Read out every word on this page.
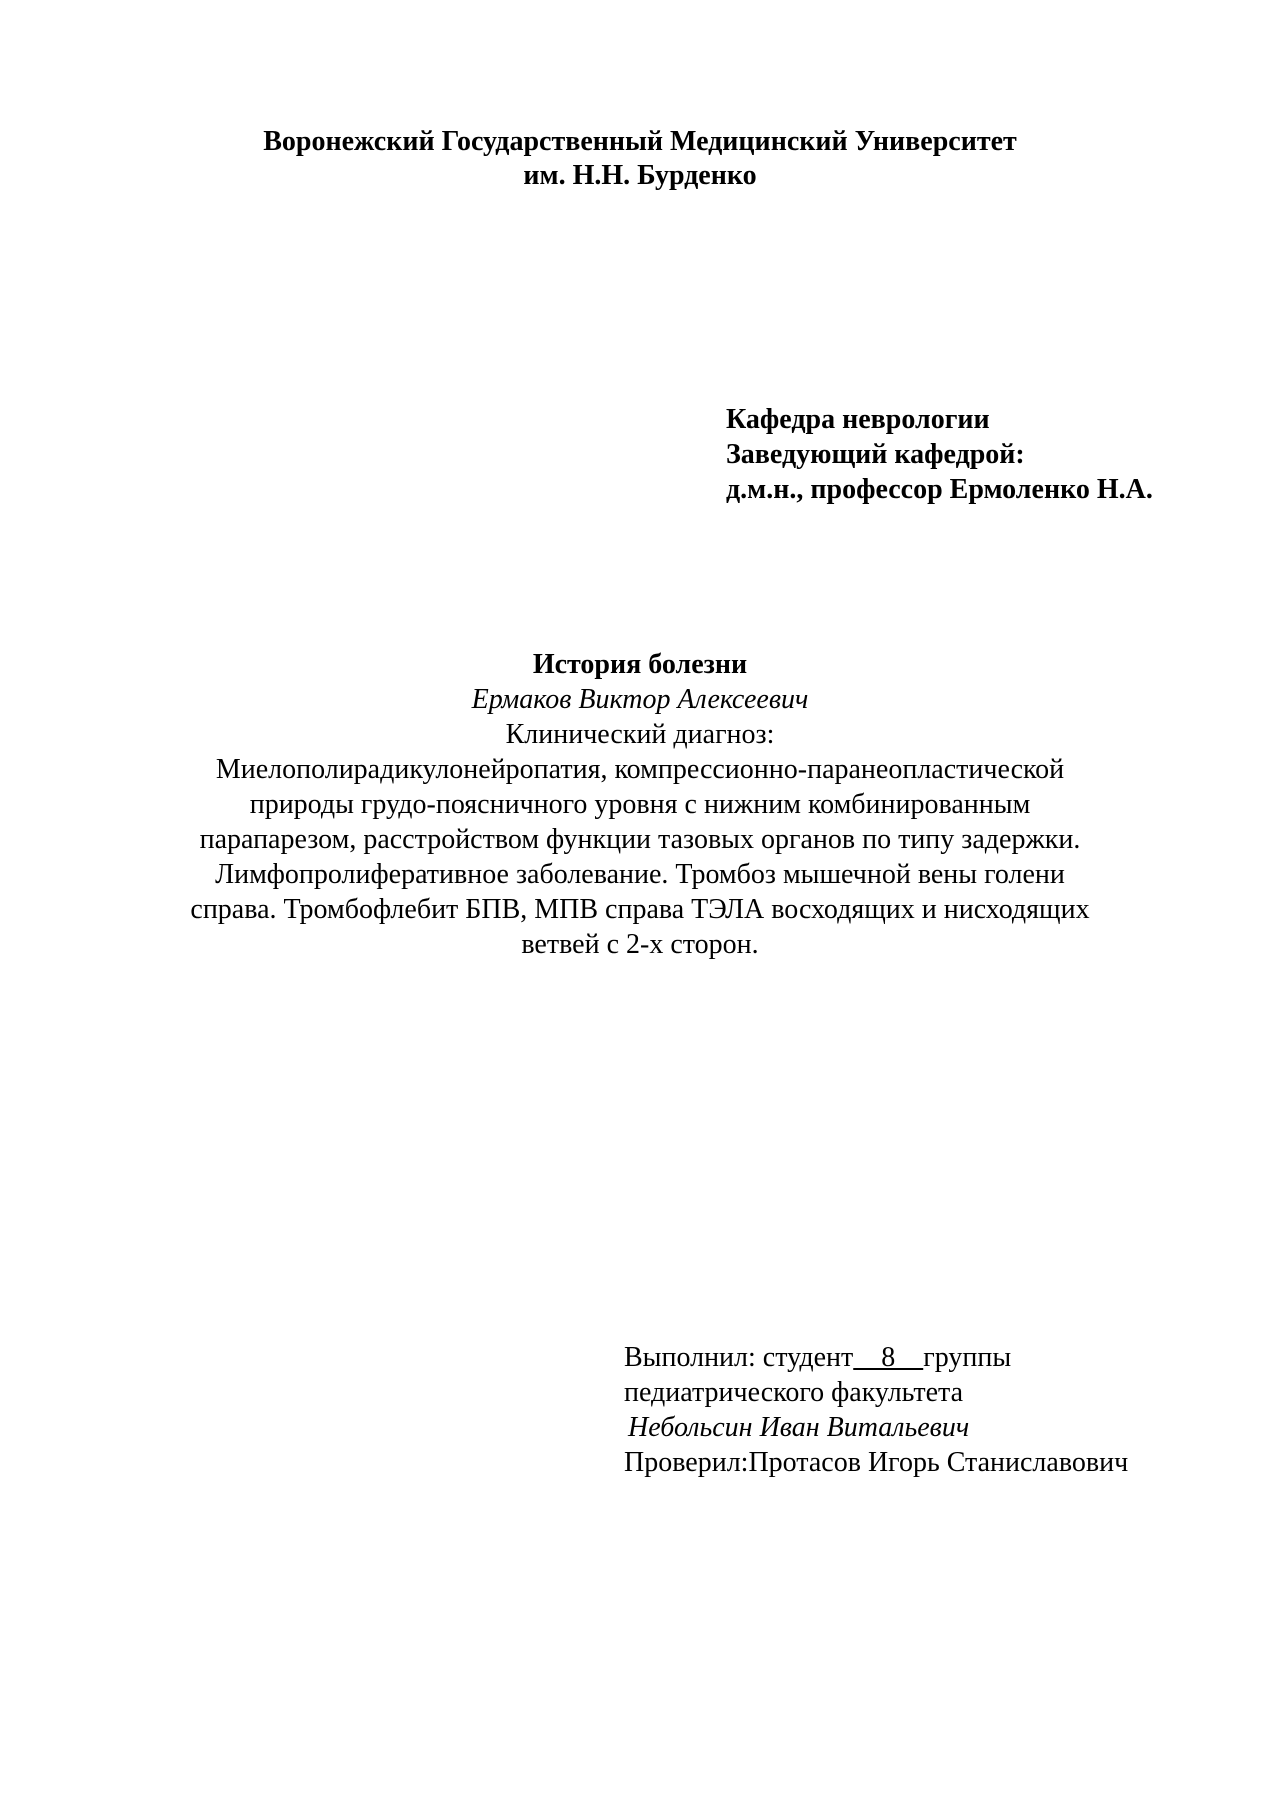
Воронежский Государственный Медицинский Университет
им. Н.Н. Бурденко
Кафедра неврологии
Заведующий кафедрой:
д.м.н., профессор Ермоленко Н.А.
История болезни
Ермаков Виктор Алексеевич
Клинический диагноз:
Миелополирадикулонейропатия, компрессионно-паранеопластической
природы грудо-поясничного уровня с нижним комбинированным
парапарезом, расстройством функции тазовых органов по типу задержки.
Лимфопролиферативное заболевание. Тромбоз мышечной вены голени
справа. Тромбофлебит БПВ, МПВ справа ТЭЛА восходящих и нисходящих
ветвей с 2-х сторон.
Выполнил: студент    8    группы
педиатрического факультета
Небольсин Иван Витальевич
Проверил:Протасов Игорь Станиславович
